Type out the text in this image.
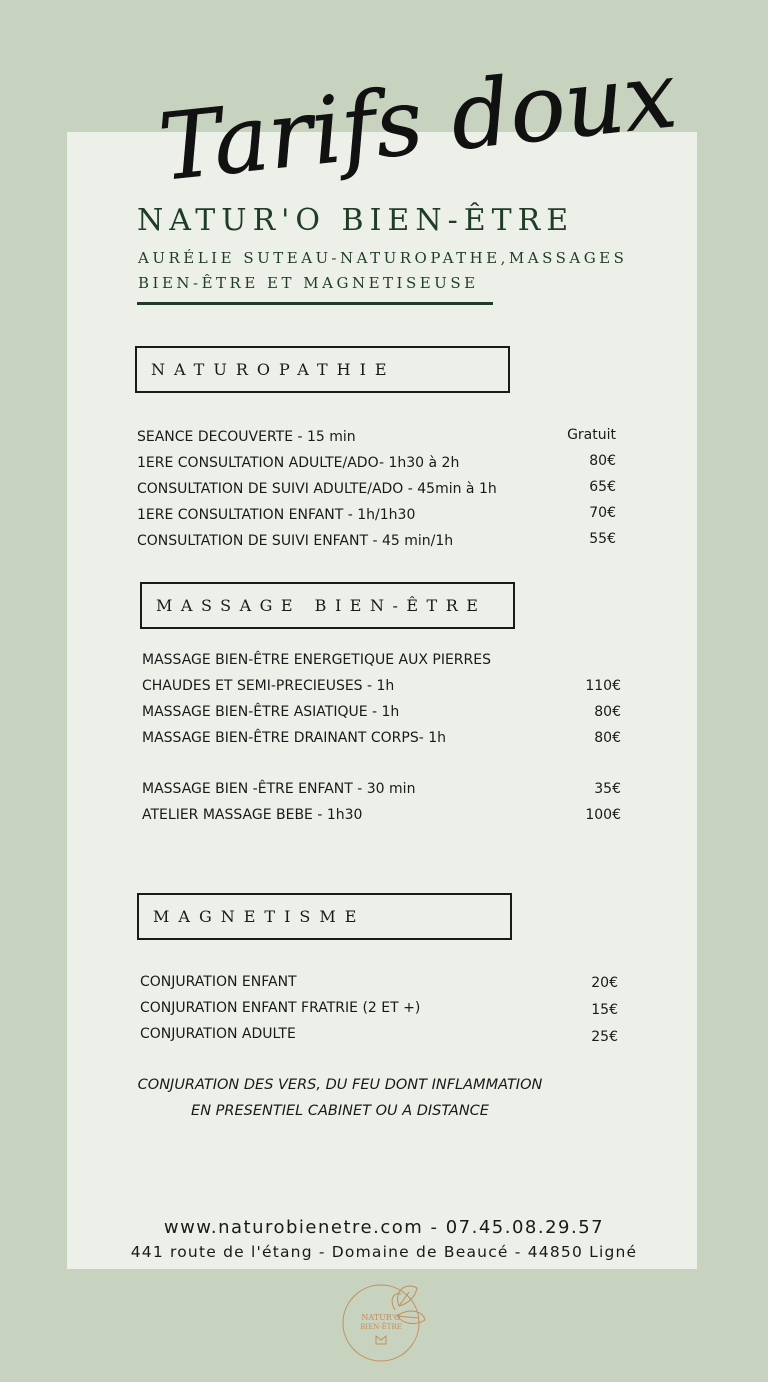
Tarifs doux
NATUR'O BIEN-ÊTRE
AURÉLIE SUTEAU-NATUROPATHE,MASSAGES
BIEN-ÊTRE ET MAGNETISEUSE
NATUROPATHIE
SEANCE DECOUVERTE - 15 min	Gratuit
1ERE CONSULTATION ADULTE/ADO- 1h30 à 2h	80€
CONSULTATION DE SUIVI ADULTE/ADO - 45min à 1h	65€
1ERE CONSULTATION ENFANT - 1h/1h30	70€
CONSULTATION DE SUIVI ENFANT - 45 min/1h	55€
MASSAGE BIEN-ÊTRE
MASSAGE BIEN-ÊTRE ENERGETIQUE AUX PIERRES
CHAUDES ET SEMI-PRECIEUSES - 1h	110€
MASSAGE BIEN-ÊTRE ASIATIQUE - 1h	80€
MASSAGE BIEN-ÊTRE DRAINANT CORPS- 1h	80€
MASSAGE BIEN -ÊTRE ENFANT - 30 min	35€
ATELIER MASSAGE BEBE - 1h30	100€
MAGNETISME
CONJURATION ENFANT	20€
CONJURATION ENFANT FRATRIE (2 ET +)	15€
CONJURATION ADULTE	25€
CONJURATION DES VERS, DU FEU DONT INFLAMMATION
EN PRESENTIEL CABINET OU A DISTANCE
www.naturobienetre.com - 07.45.08.29.57
441 route de l'étang - Domaine de Beaucé - 44850 Ligné
NATUR'O
BIEN-ÊTRE
